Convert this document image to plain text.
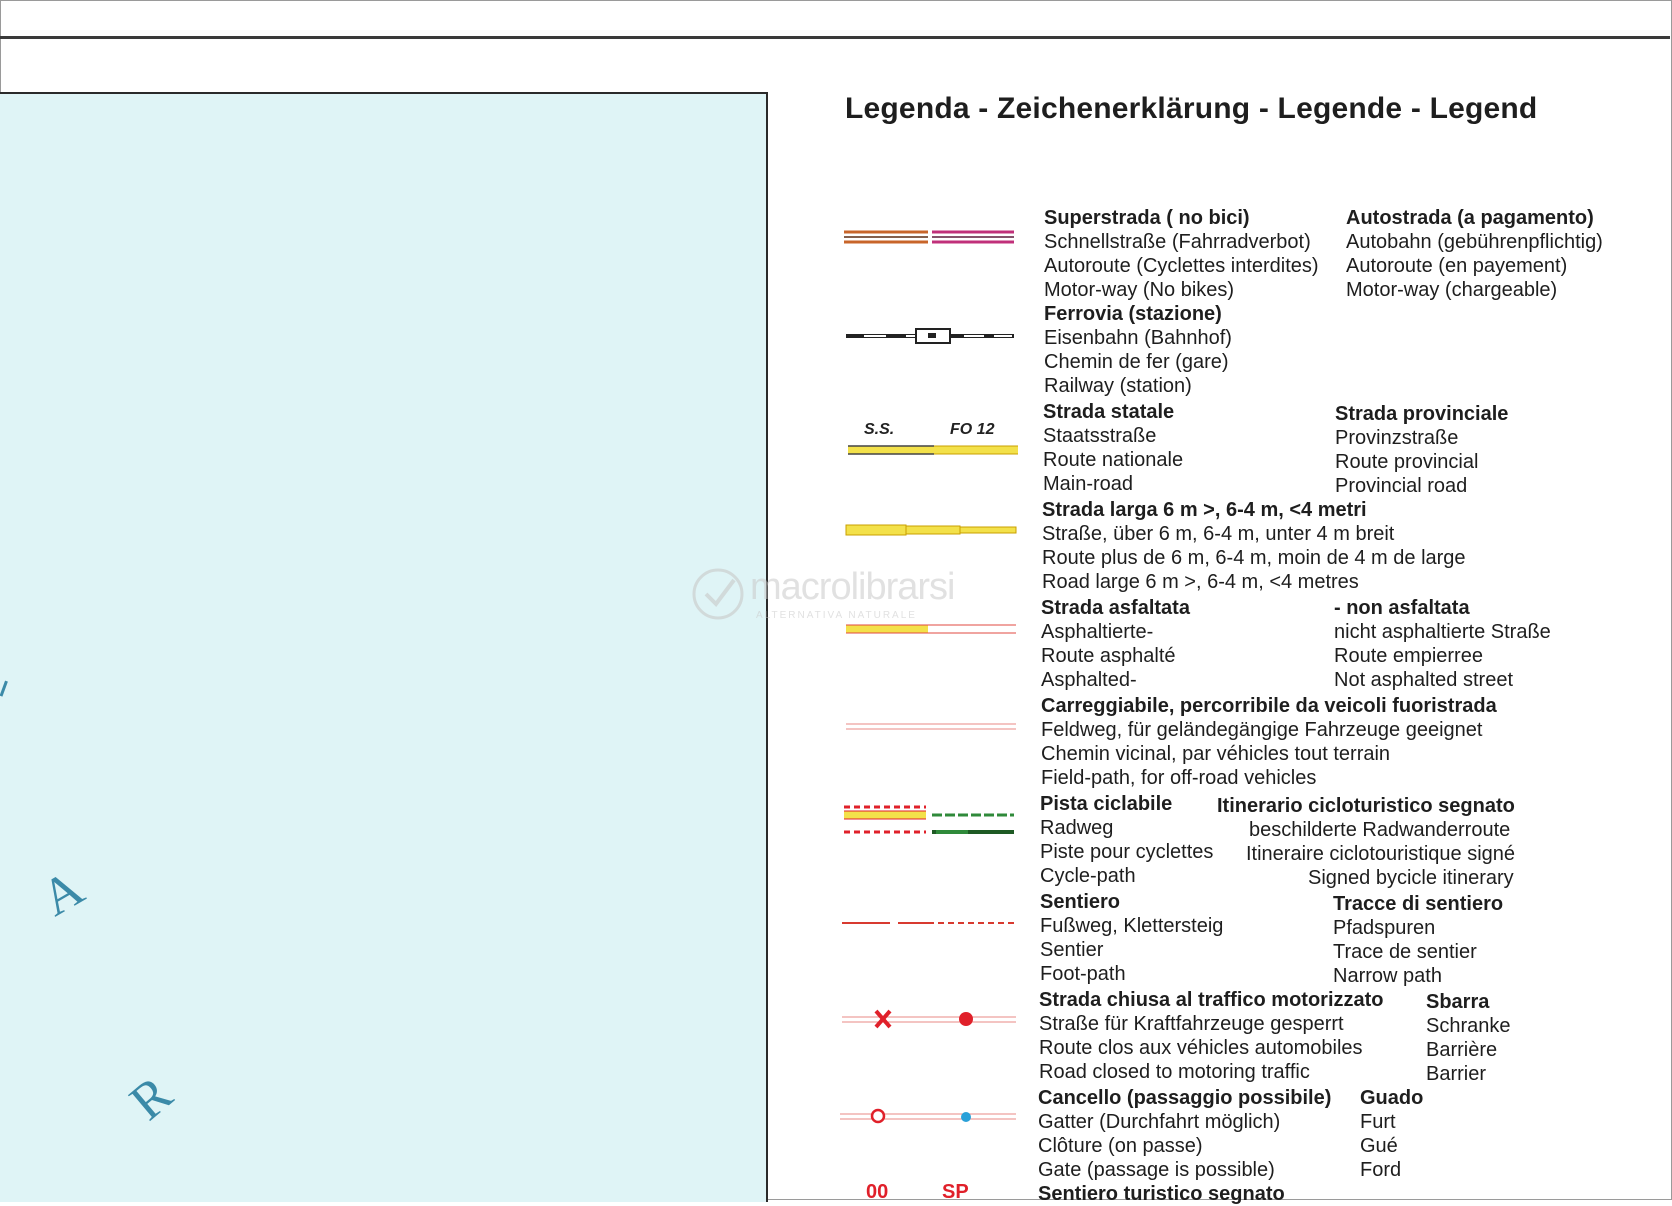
A
R
Legenda - Zeichenerklärung - Legende - Legend
S.S.	FO 12
00	SP
Superstrada ( no bici)
Schnellstraße (Fahrradverbot)
Autoroute (Cyclettes interdites)
Motor-way (No bikes)
Autostrada (a pagamento)
Autobahn (gebührenpflichtig)
Autoroute (en payement)
Motor-way (chargeable)
Ferrovia (stazione)
Eisenbahn (Bahnhof)
Chemin de fer (gare)
Railway (station)
Strada statale
Staatsstraße
Route nationale
Main-road
Strada provinciale
Provinzstraße
Route provincial
Provincial road
Strada larga 6 m >, 6-4 m, <4 metri
Straße, über 6 m, 6-4 m, unter 4 m breit
Route plus de 6 m, 6-4 m, moin de 4 m de large
Road large 6 m >, 6-4 m, <4 metres
Strada asfaltata
Asphaltierte-
Route asphalté
Asphalted-
- non asfaltata
nicht asphaltierte Straße
Route empierree
Not asphalted street
Carreggiabile, percorribile da veicoli fuoristrada
Feldweg, für geländegängige Fahrzeuge geeignet
Chemin vicinal, par véhicles tout terrain
Field-path, for off-road vehicles
Pista ciclabile
Radweg
Piste pour cyclettes
Cycle-path
Itinerario cicloturistico segnato
beschilderte Radwanderroute
Itineraire ciclotouristique signé
Signed bycicle itinerary
Sentiero
Fußweg, Klettersteig
Sentier
Foot-path
Tracce di sentiero
Pfadspuren
Trace de sentier
Narrow path
Strada chiusa al traffico motorizzato
Straße für Kraftfahrzeuge gesperrt
Route clos aux véhicles automobiles
Road closed to motoring traffic
Sbarra
Schranke
Barrière
Barrier
Cancello (passaggio possibile)
Gatter (Durchfahrt möglich)
Clôture (on passe)
Gate (passage is possible)
Guado
Furt
Gué
Ford
Sentiero turistico segnato
macrolibrarsi
ALTERNATIVA NATURALE
